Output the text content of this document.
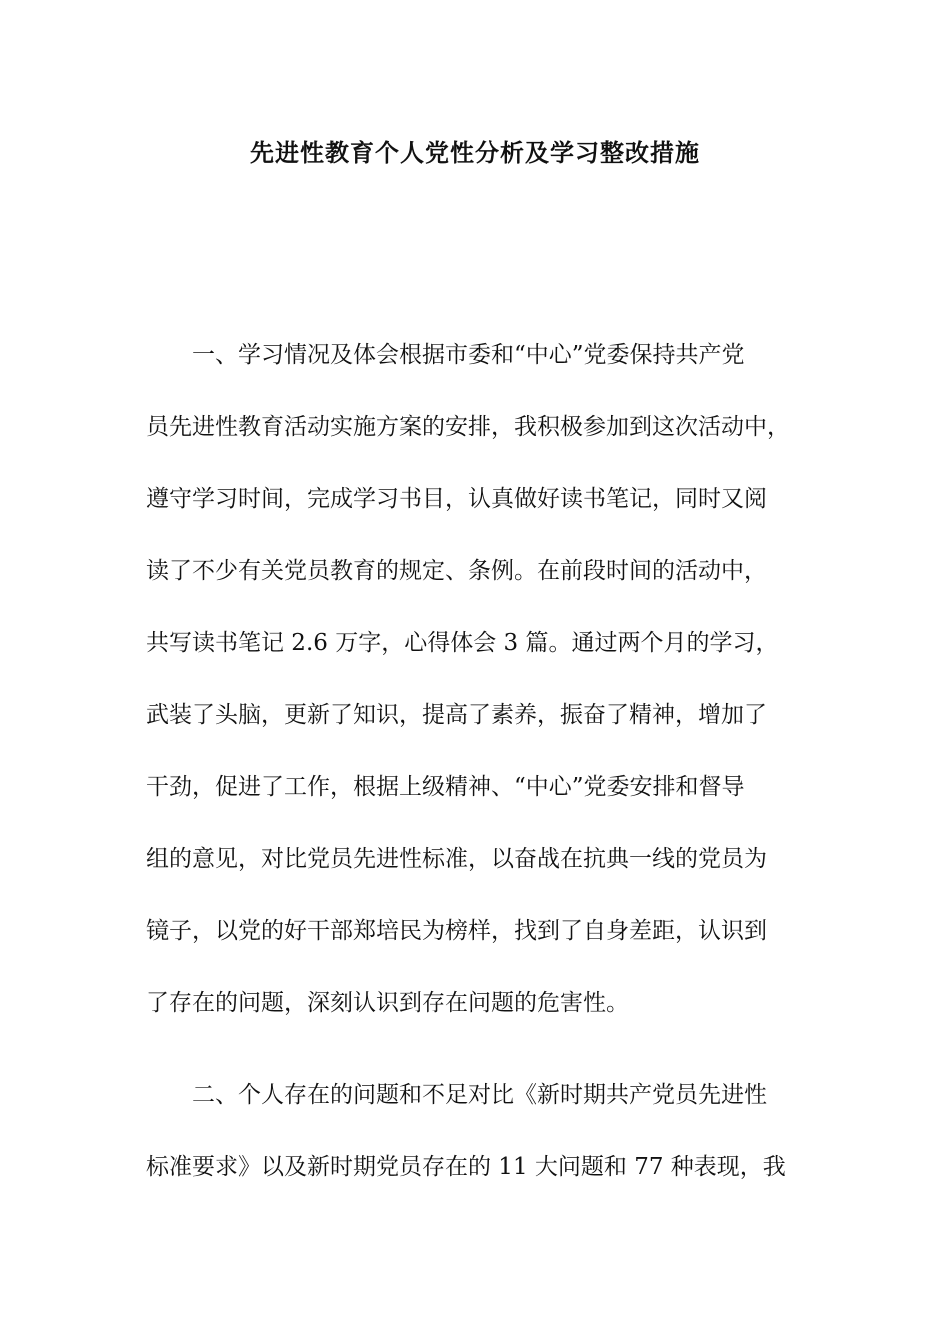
先进性教育个人党性分析及学习整改措施

　　一、学习情况及体会根据市委和“中心”党委保持共产党

员先进性教育活动实施方案的安排，我积极参加到这次活动中，

遵守学习时间，完成学习书目，认真做好读书笔记，同时又阅

读了不少有关党员教育的规定、条例。在前段时间的活动中，

共写读书笔记 2.6 万字，心得体会 3 篇。通过两个月的学习，

武装了头脑，更新了知识，提高了素养，振奋了精神，增加了

干劲，促进了工作，根据上级精神、“中心”党委安排和督导

组的意见，对比党员先进性标准，以奋战在抗典一线的党员为

镜子，以党的好干部郑培民为榜样，找到了自身差距，认识到

了存在的问题，深刻认识到存在问题的危害性。

　　二、个人存在的问题和不足对比《新时期共产党员先进性

标准要求》以及新时期党员存在的 11 大问题和 77 种表现，我
